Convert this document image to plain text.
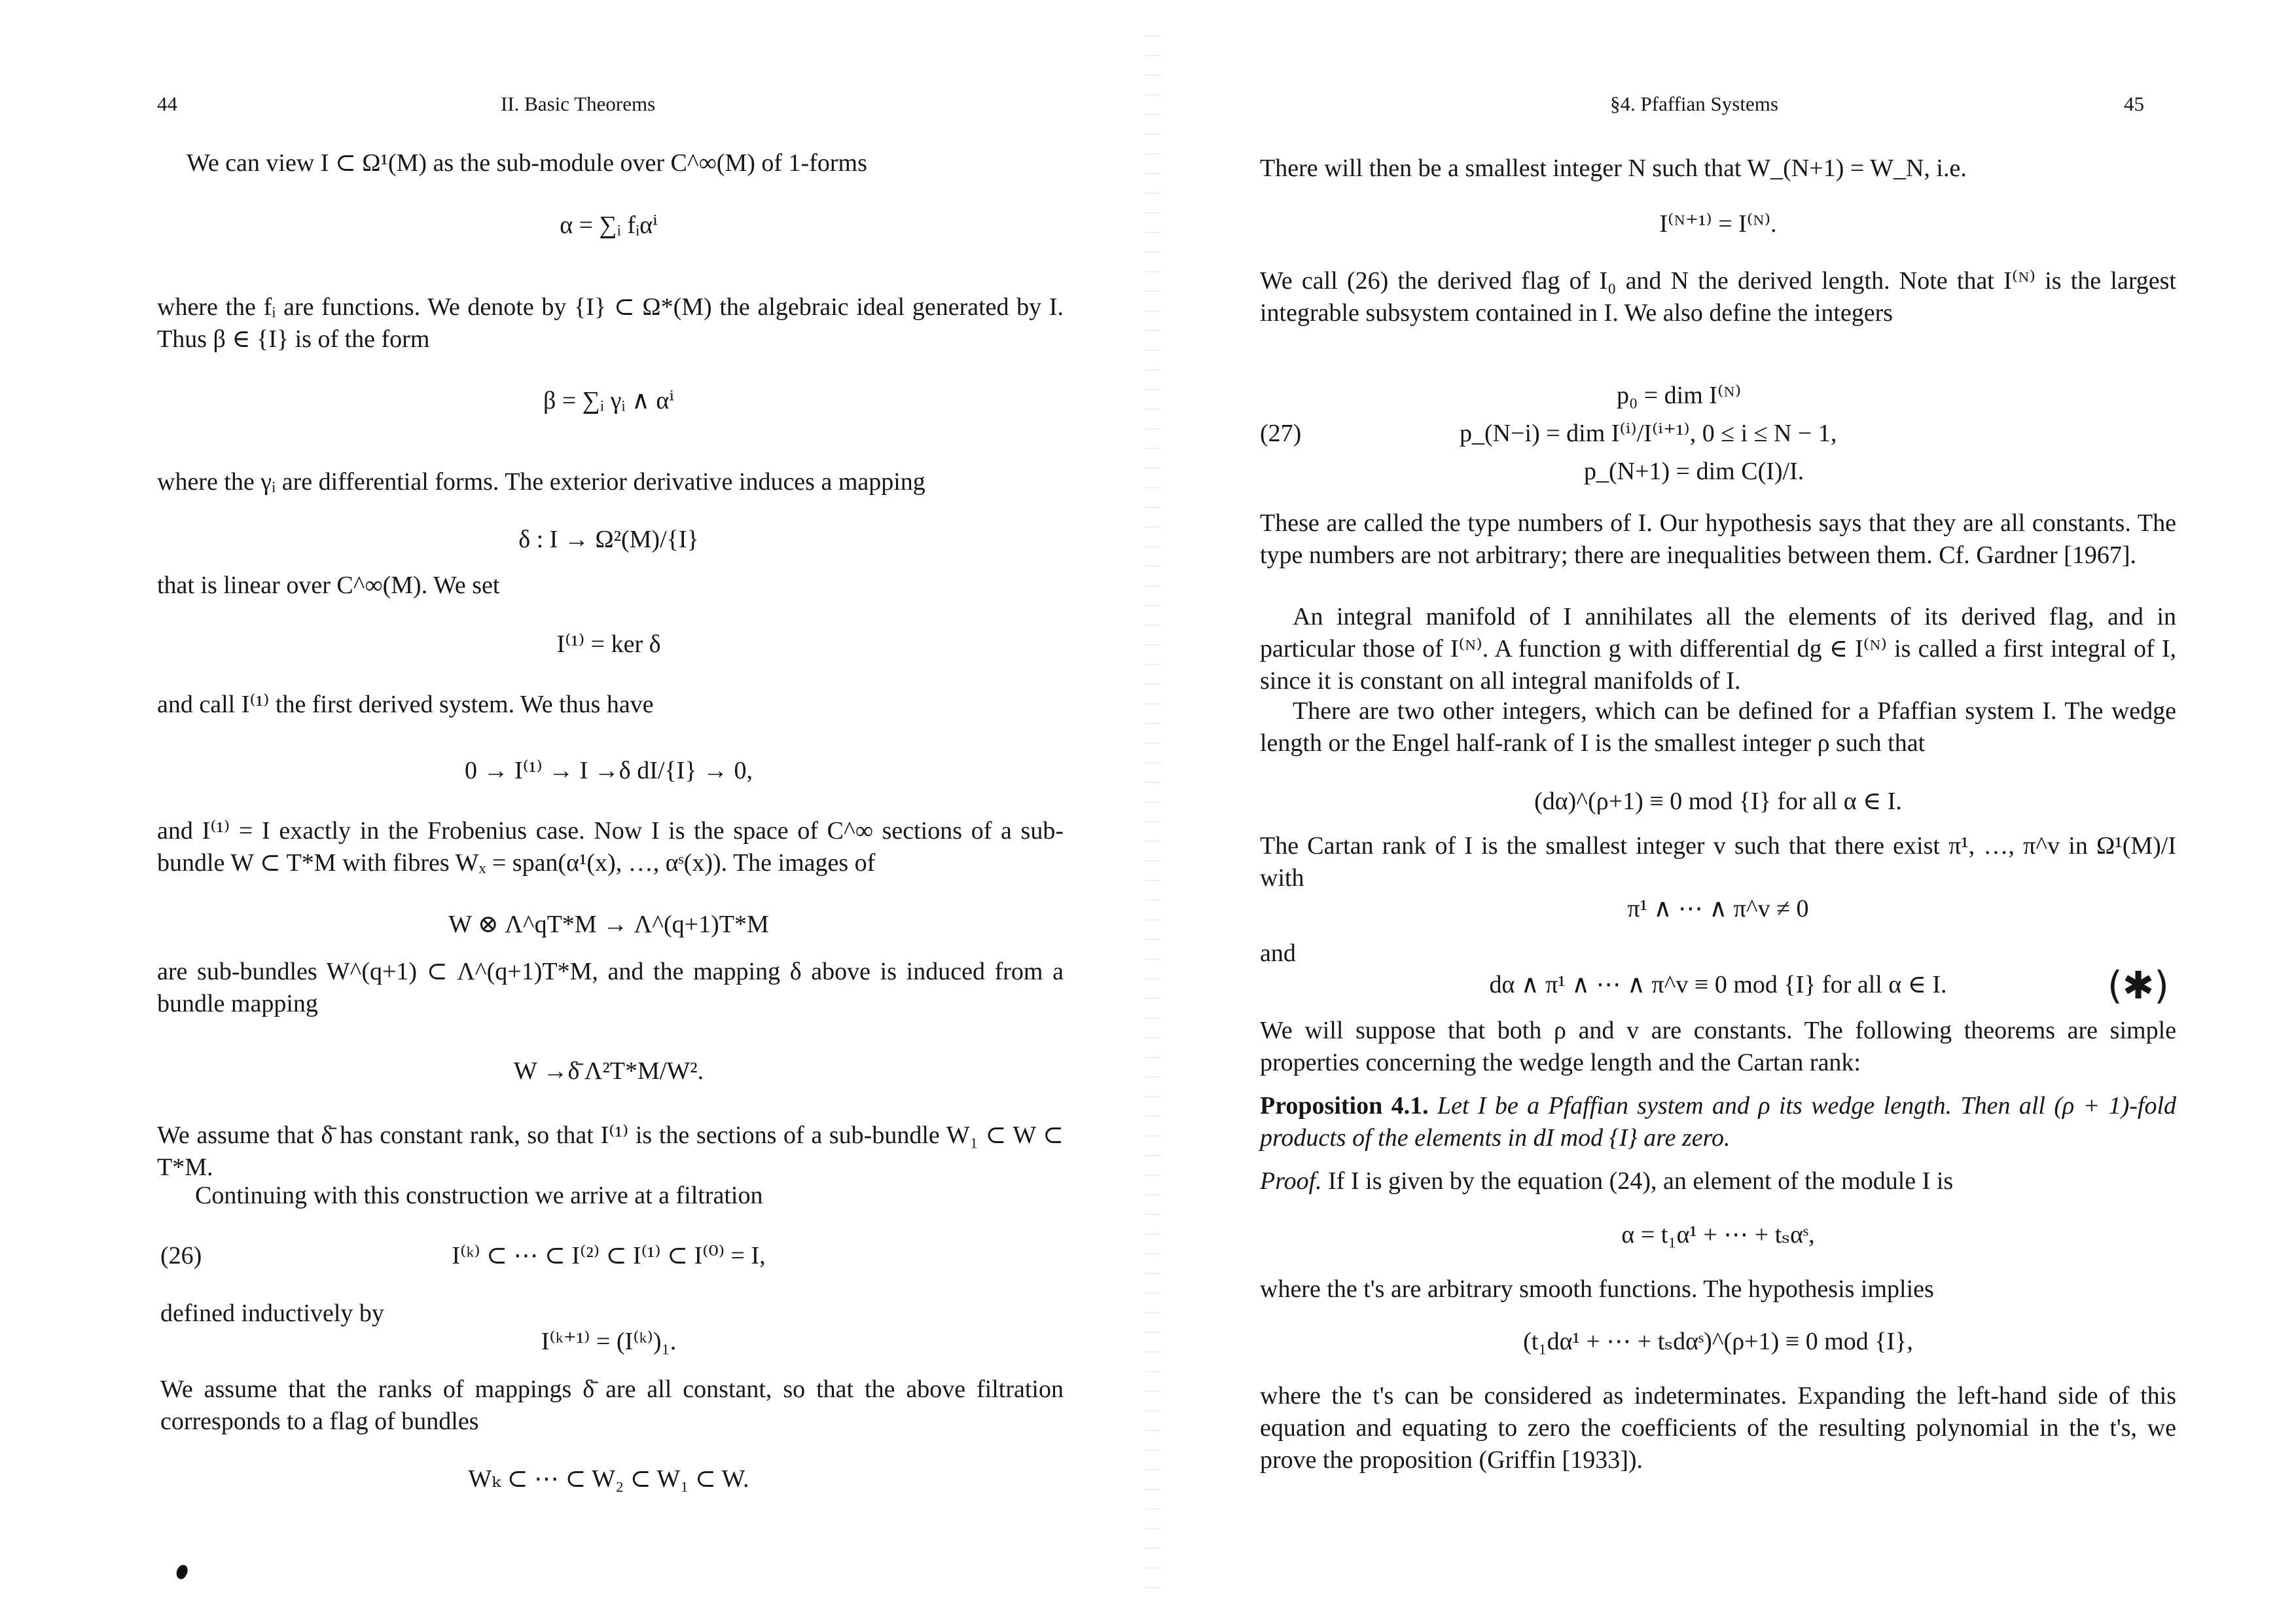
44	II. Basic Theorems

We can view I ⊂ Ω¹(M) as the sub-module over C^∞(M) of 1-forms

α = ∑ᵢ fᵢαⁱ

where the fᵢ are functions. We denote by {I} ⊂ Ω*(M) the algebraic ideal generated by I. Thus β ∈ {I} is of the form

β = ∑ᵢ γᵢ ∧ αⁱ

where the γᵢ are differential forms. The exterior derivative induces a mapping

δ : I → Ω²(M)/{I}

that is linear over C^∞(M). We set

I⁽¹⁾ = ker δ

and call I⁽¹⁾ the first derived system. We thus have

0 → I⁽¹⁾ → I →δ dI/{I} → 0,

and I⁽¹⁾ = I exactly in the Frobenius case. Now I is the space of C^∞ sections of a sub-bundle W ⊂ T*M with fibres Wₓ = span(α¹(x), …, αˢ(x)). The images of

W ⊗ Λ^qT*M → Λ^(q+1)T*M

are sub-bundles W^(q+1) ⊂ Λ^(q+1)T*M, and the mapping δ above is induced from a bundle mapping

W →δ̄ Λ²T*M/W².

We assume that δ̄ has constant rank, so that I⁽¹⁾ is the sections of a sub-bundle W₁ ⊂ W ⊂ T*M.

Continuing with this construction we arrive at a filtration

(26)	I⁽ᵏ⁾ ⊂ ⋯ ⊂ I⁽²⁾ ⊂ I⁽¹⁾ ⊂ I⁽⁰⁾ = I,

defined inductively by

I⁽ᵏ⁺¹⁾ = (I⁽ᵏ⁾)₁.

We assume that the ranks of mappings δ̄ are all constant, so that the above filtration corresponds to a flag of bundles

Wₖ ⊂ ⋯ ⊂ W₂ ⊂ W₁ ⊂ W.
§4. Pfaffian Systems	45

There will then be a smallest integer N such that W_(N+1) = W_N, i.e.

I⁽ᴺ⁺¹⁾ = I⁽ᴺ⁾.

We call (26) the derived flag of I₀ and N the derived length. Note that I⁽ᴺ⁾ is the largest integrable subsystem contained in I. We also define the integers

(27)
p₀ = dim I⁽ᴺ⁾
p_(N−i) = dim I⁽ⁱ⁾/I⁽ⁱ⁺¹⁾, 0 ≤ i ≤ N − 1,
p_(N+1) = dim C(I)/I.

These are called the type numbers of I. Our hypothesis says that they are all constants. The type numbers are not arbitrary; there are inequalities between them. Cf. Gardner [1967].

An integral manifold of I annihilates all the elements of its derived flag, and in particular those of I⁽ᴺ⁾. A function g with differential dg ∈ I⁽ᴺ⁾ is called a first integral of I, since it is constant on all integral manifolds of I.

There are two other integers, which can be defined for a Pfaffian system I. The wedge length or the Engel half-rank of I is the smallest integer ρ such that

(dα)^(ρ+1) ≡ 0 mod {I} for all α ∈ I.

The Cartan rank of I is the smallest integer v such that there exist π¹, …, π^v in Ω¹(M)/I with

π¹ ∧ ⋯ ∧ π^v ≠ 0

and

dα ∧ π¹ ∧ ⋯ ∧ π^v ≡ 0 mod {I} for all α ∈ I.	(✱)

We will suppose that both ρ and v are constants. The following theorems are simple properties concerning the wedge length and the Cartan rank:

Proposition 4.1. Let I be a Pfaffian system and ρ its wedge length. Then all (ρ + 1)-fold products of the elements in dI mod {I} are zero.

Proof. If I is given by the equation (24), an element of the module I is

α = t₁α¹ + ⋯ + tₛαˢ,

where the t's are arbitrary smooth functions. The hypothesis implies

(t₁dα¹ + ⋯ + tₛdαˢ)^(ρ+1) ≡ 0 mod {I},

where the t's can be considered as indeterminates. Expanding the left-hand side of this equation and equating to zero the coefficients of the resulting polynomial in the t's, we prove the proposition (Griffin [1933]).
